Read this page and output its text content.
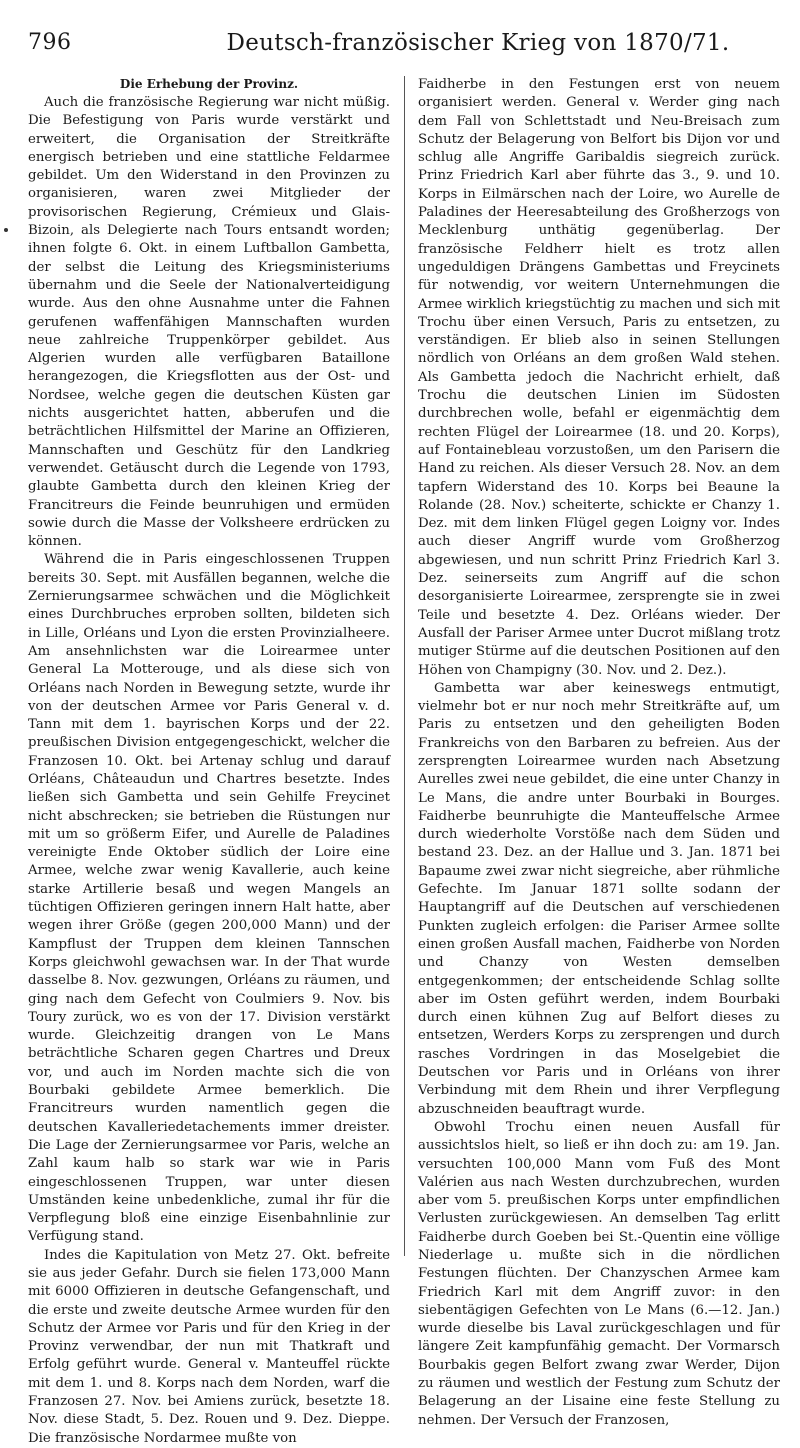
796	Deutsch-französischer Krieg von 1870/71.
Die Erhebung der Provinz.

Auch die französische Regierung war nicht müßig. Die Befestigung von Paris wurde verstärkt und erweitert, die Organisation der Streitkräfte energisch betrieben und eine stattliche Feldarmee gebildet. Um den Widerstand in den Provinzen zu organisieren, waren zwei Mitglieder der provisorischen Regierung, Crémieux und Glais-Bizoin, als Delegierte nach Tours entsandt worden; ihnen folgte 6. Okt. in einem Luftballon Gambetta, der selbst die Leitung des Kriegsministeriums übernahm und die Seele der Nationalverteidigung wurde. Aus den ohne Ausnahme unter die Fahnen gerufenen waffenfähigen Mannschaften wurden neue zahlreiche Truppenkörper gebildet. Aus Algerien wurden alle verfügbaren Bataillone herangezogen, die Kriegsflotten aus der Ost- und Nordsee, welche gegen die deutschen Küsten gar nichts ausgerichtet hatten, abberufen und die beträchtlichen Hilfsmittel der Marine an Offizieren, Mannschaften und Geschütz für den Landkrieg verwendet. Getäuscht durch die Legende von 1793, glaubte Gambetta durch den kleinen Krieg der Francitreurs die Feinde beunruhigen und ermüden sowie durch die Masse der Volksheere erdrücken zu können.

Während die in Paris eingeschlossenen Truppen bereits 30. Sept. mit Ausfällen begannen, welche die Zernierungsarmee schwächen und die Möglichkeit eines Durchbruches erproben sollten, bildeten sich in Lille, Orléans und Lyon die ersten Provinzialheere. Am ansehnlichsten war die Loirearmee unter General La Motterouge, und als diese sich von Orléans nach Norden in Bewegung setzte, wurde ihr von der deutschen Armee vor Paris General v. d. Tann mit dem 1. bayrischen Korps und der 22. preußischen Division entgegengeschickt, welcher die Franzosen 10. Okt. bei Artenay schlug und darauf Orléans, Châteaudun und Chartres besetzte. Indes ließen sich Gambetta und sein Gehilfe Freycinet nicht abschrecken; sie betrieben die Rüstungen nur mit um so größerm Eifer, und Aurelle de Paladines vereinigte Ende Oktober südlich der Loire eine Armee, welche zwar wenig Kavallerie, auch keine starke Artillerie besaß und wegen Mangels an tüchtigen Offizieren geringen innern Halt hatte, aber wegen ihrer Größe (gegen 200,000 Mann) und der Kampflust der Truppen dem kleinen Tannschen Korps gleichwohl gewachsen war. In der That wurde dasselbe 8. Nov. gezwungen, Orléans zu räumen, und ging nach dem Gefecht von Coulmiers 9. Nov. bis Toury zurück, wo es von der 17. Division verstärkt wurde. Gleichzeitig drangen von Le Mans beträchtliche Scharen gegen Chartres und Dreux vor, und auch im Norden machte sich die von Bourbaki gebildete Armee bemerklich. Die Francitreurs wurden namentlich gegen die deutschen Kavalleriedetachements immer dreister. Die Lage der Zernierungsarmee vor Paris, welche an Zahl kaum halb so stark war wie in Paris eingeschlossenen Truppen, war unter diesen Umständen keine unbedenkliche, zumal ihr für die Verpflegung bloß eine einzige Eisenbahnlinie zur Verfügung stand.

Indes die Kapitulation von Metz 27. Okt. befreite sie aus jeder Gefahr. Durch sie fielen 173,000 Mann mit 6000 Offizieren in deutsche Gefangenschaft, und die erste und zweite deutsche Armee wurden für den Schutz der Armee vor Paris und für den Krieg in der Provinz verwendbar, der nun mit Thatkraft und Erfolg geführt wurde. General v. Manteuffel rückte mit dem 1. und 8. Korps nach dem Norden, warf die Franzosen 27. Nov. bei Amiens zurück, besetzte 18. Nov. diese Stadt, 5. Dez. Rouen und 9. Dez. Dieppe. Die französische Nordarmee mußte von

Faidherbe in den Festungen erst von neuem organisiert werden. General v. Werder ging nach dem Fall von Schlettstadt und Neu-Breisach zum Schutz der Belagerung von Belfort bis Dijon vor und schlug alle Angriffe Garibaldis siegreich zurück. Prinz Friedrich Karl aber führte das 3., 9. und 10. Korps in Eilmärschen nach der Loire, wo Aurelle de Paladines der Heeresabteilung des Großherzogs von Mecklenburg unthätig gegenüberlag. Der französische Feldherr hielt es trotz allen ungeduldigen Drängens Gambettas und Freycinets für notwendig, vor weitern Unternehmungen die Armee wirklich kriegstüchtig zu machen und sich mit Trochu über einen Versuch, Paris zu entsetzen, zu verständigen. Er blieb also in seinen Stellungen nördlich von Orléans an dem großen Wald stehen. Als Gambetta jedoch die Nachricht erhielt, daß Trochu die deutschen Linien im Südosten durchbrechen wolle, befahl er eigenmächtig dem rechten Flügel der Loirearmee (18. und 20. Korps), auf Fontainebleau vorzustoßen, um den Parisern die Hand zu reichen. Als dieser Versuch 28. Nov. an dem tapfern Widerstand des 10. Korps bei Beaune la Rolande (28. Nov.) scheiterte, schickte er Chanzy 1. Dez. mit dem linken Flügel gegen Loigny vor. Indes auch dieser Angriff wurde vom Großherzog abgewiesen, und nun schritt Prinz Friedrich Karl 3. Dez. seinerseits zum Angriff auf die schon desorganisierte Loirearmee, zersprengte sie in zwei Teile und besetzte 4. Dez. Orléans wieder. Der Ausfall der Pariser Armee unter Ducrot mißlang trotz mutiger Stürme auf die deutschen Positionen auf den Höhen von Champigny (30. Nov. und 2. Dez.).

Gambetta war aber keineswegs entmutigt, vielmehr bot er nur noch mehr Streitkräfte auf, um Paris zu entsetzen und den geheiligten Boden Frankreichs von den Barbaren zu befreien. Aus der zersprengten Loirearmee wurden nach Absetzung Aurelles zwei neue gebildet, die eine unter Chanzy in Le Mans, die andre unter Bourbaki in Bourges. Faidherbe beunruhigte die Manteuffelsche Armee durch wiederholte Vorstöße nach dem Süden und bestand 23. Dez. an der Hallue und 3. Jan. 1871 bei Bapaume zwei zwar nicht siegreiche, aber rühmliche Gefechte. Im Januar 1871 sollte sodann der Hauptangriff auf die Deutschen auf verschiedenen Punkten zugleich erfolgen: die Pariser Armee sollte einen großen Ausfall machen, Faidherbe von Norden und Chanzy von Westen demselben entgegenkommen; der entscheidende Schlag sollte aber im Osten geführt werden, indem Bourbaki durch einen kühnen Zug auf Belfort dieses zu entsetzen, Werders Korps zu zersprengen und durch rasches Vordringen in das Moselgebiet die Deutschen vor Paris und in Orléans von ihrer Verbindung mit dem Rhein und ihrer Verpflegung abzuschneiden beauftragt wurde.

Obwohl Trochu einen neuen Ausfall für aussichtslos hielt, so ließ er ihn doch zu: am 19. Jan. versuchten 100,000 Mann vom Fuß des Mont Valérien aus nach Westen durchzubrechen, wurden aber vom 5. preußischen Korps unter empfindlichen Verlusten zurückgewiesen. An demselben Tag erlitt Faidherbe durch Goeben bei St.-Quentin eine völlige Niederlage u. mußte sich in die nördlichen Festungen flüchten. Der Chanzyschen Armee kam Friedrich Karl mit dem Angriff zuvor: in den siebentägigen Gefechten von Le Mans (6.—12. Jan.) wurde dieselbe bis Laval zurückgeschlagen und für längere Zeit kampfunfähig gemacht. Der Vormarsch Bourbakis gegen Belfort zwang zwar Werder, Dijon zu räumen und westlich der Festung zum Schutz der Belagerung an der Lisaine eine feste Stellung zu nehmen. Der Versuch der Franzosen,
